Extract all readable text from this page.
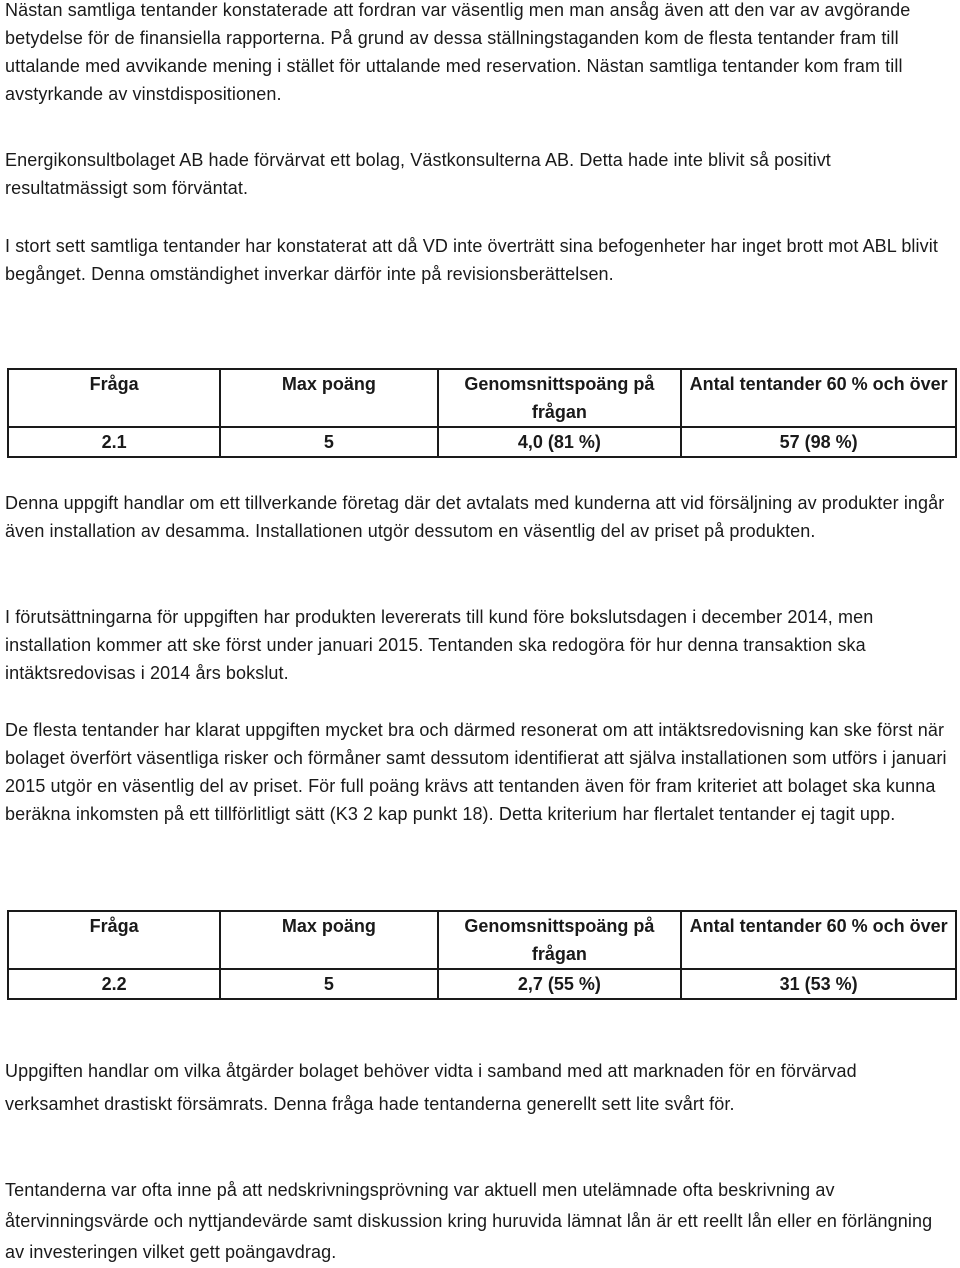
Nästan samtliga tentander konstaterade att fordran var väsentlig men man ansåg även att den var av avgörande betydelse för de finansiella rapporterna. På grund av dessa ställningstaganden kom de flesta tentander fram till uttalande med avvikande mening i stället för uttalande med reservation. Nästan samtliga tentander kom fram till avstyrkande av vinstdispositionen.

Energikonsultbolaget AB hade förvärvat ett bolag, Västkonsulterna AB. Detta hade inte blivit så positivt resultatmässigt som förväntat.

I stort sett samtliga tentander har konstaterat att då VD inte överträtt sina befogenheter har inget brott mot ABL blivit begånget. Denna omständighet inverkar därför inte på revisionsberättelsen.

Denna uppgift handlar om ett tillverkande företag där det avtalats med kunderna att vid försäljning av produkter ingår även installation av desamma. Installationen utgör dessutom en väsentlig del av priset på produkten.

I förutsättningarna för uppgiften har produkten levererats till kund före bokslutsdagen i december 2014, men installation kommer att ske först under januari 2015. Tentanden ska redogöra för hur denna transaktion ska intäktsredovisas i 2014 års bokslut.

De flesta tentander har klarat uppgiften mycket bra och därmed resonerat om att intäktsredovisning kan ske först när bolaget överfört väsentliga risker och förmåner samt dessutom identifierat att själva installationen som utförs i januari 2015 utgör en väsentlig del av priset. För full poäng krävs att tentanden även för fram kriteriet att bolaget ska kunna beräkna inkomsten på ett tillförlitligt sätt (K3 2 kap punkt 18). Detta kriterium har flertalet tentander ej tagit upp.

Uppgiften handlar om vilka åtgärder bolaget behöver vidta i samband med att marknaden för en förvärvad verksamhet drastiskt försämrats. Denna fråga hade tentanderna generellt sett lite svårt för.

Tentanderna var ofta inne på att nedskrivningsprövning var aktuell men utelämnade ofta beskrivning av återvinningsvärde och nyttjandevärde samt diskussion kring huruvida lämnat lån är ett reellt lån eller en förlängning av investeringen vilket gett poängavdrag.

Fråga	Max poäng	Genomsnittspoäng på frågan	Antal tentander 60 % och över
2.1	5	4,0 (81 %)	57 (98 %)
Fråga	Max poäng	Genomsnittspoäng på frågan	Antal tentander 60 % och över
2.2	5	2,7 (55 %)	31 (53 %)
